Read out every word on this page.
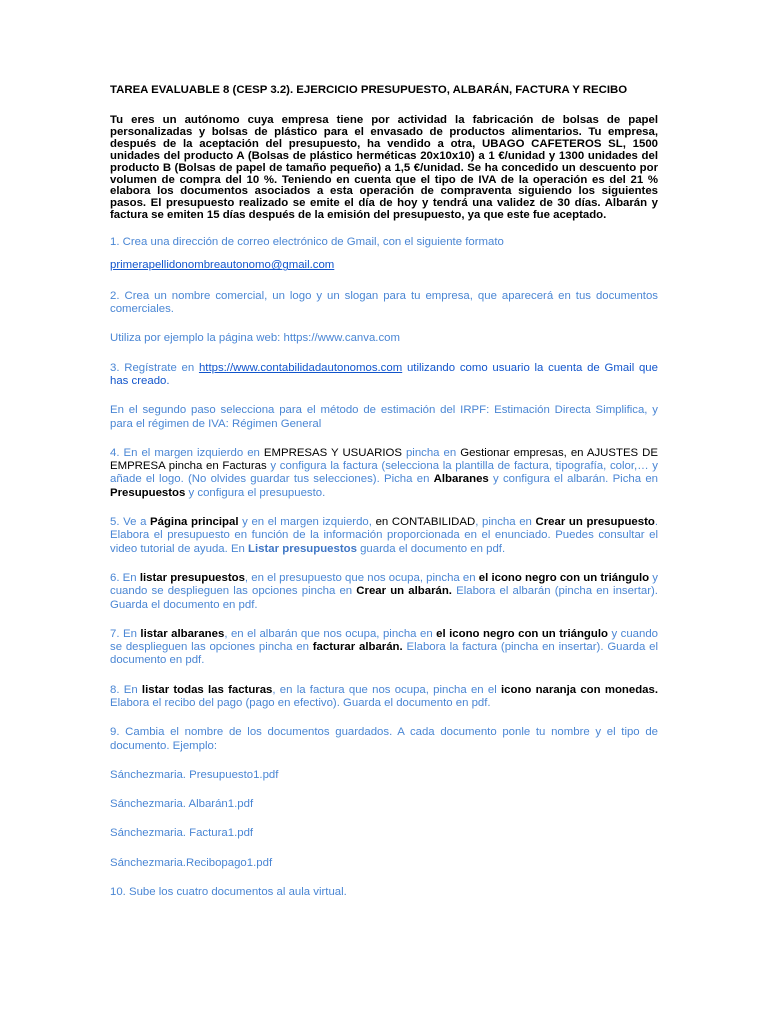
TAREA EVALUABLE 8 (CESP 3.2). EJERCICIO PRESUPUESTO, ALBARÁN, FACTURA Y RECIBO

Tu eres un autónomo cuya empresa tiene por actividad la fabricación de bolsas de papel personalizadas y bolsas de plástico para el envasado de productos alimentarios. Tu empresa, después de la aceptación del presupuesto, ha vendido a otra, UBAGO CAFETEROS SL, 1500 unidades del producto A (Bolsas de plástico herméticas 20x10x10) a 1 €/unidad y 1300 unidades del producto B (Bolsas de papel de tamaño pequeño) a 1,5 €/unidad. Se ha concedido un descuento por volumen de compra del 10 %. Teniendo en cuenta que el tipo de IVA de la operación es del 21 % elabora los documentos asociados a esta operación de compraventa siguiendo los siguientes pasos. El presupuesto realizado se emite el día de hoy y tendrá una validez de 30 días. Albarán y factura se emiten 15 días después de la emisión del presupuesto, ya que este fue aceptado.

1. Crea una dirección de correo electrónico de Gmail, con el siguiente formato

primerapellidonombreautonomo@gmail.com

2. Crea un nombre comercial, un logo y un slogan para tu empresa, que aparecerá en tus documentos comerciales.

Utiliza por ejemplo la página web: https://www.canva.com

3. Regístrate en https://www.contabilidadautonomos.com utilizando como usuario la cuenta de Gmail que has creado.

En el segundo paso selecciona para el método de estimación del IRPF: Estimación Directa Simplifica, y para el régimen de IVA: Régimen General

4. En el margen izquierdo en EMPRESAS Y USUARIOS pincha en Gestionar empresas, en AJUSTES DE EMPRESA pincha en Facturas y configura la factura (selecciona la plantilla de factura, tipografía, color,… y añade el logo. (No olvides guardar tus selecciones). Picha en Albaranes y configura el albarán. Picha en Presupuestos y configura el presupuesto.

5. Ve a Página principal y en el margen izquierdo, en CONTABILIDAD, pincha en Crear un presupuesto. Elabora el presupuesto en función de la información proporcionada en el enunciado. Puedes consultar el video tutorial de ayuda. En Listar presupuestos guarda el documento en pdf.

6. En listar presupuestos, en el presupuesto que nos ocupa, pincha en el icono negro con un triángulo y cuando se desplieguen las opciones pincha en Crear un albarán. Elabora el albarán (pincha en insertar). Guarda el documento en pdf.

7. En listar albaranes, en el albarán que nos ocupa, pincha en el icono negro con un triángulo y cuando se desplieguen las opciones pincha en facturar albarán. Elabora la factura (pincha en insertar). Guarda el documento en pdf.

8. En listar todas las facturas, en la factura que nos ocupa, pincha en el icono naranja con monedas. Elabora el recibo del pago (pago en efectivo). Guarda el documento en pdf.

9. Cambia el nombre de los documentos guardados. A cada documento ponle tu nombre y el tipo de documento. Ejemplo:

Sánchezmaria. Presupuesto1.pdf

Sánchezmaria. Albarán1.pdf

Sánchezmaria. Factura1.pdf

Sánchezmaria.Recibopago1.pdf

10. Sube los cuatro documentos al aula virtual.
